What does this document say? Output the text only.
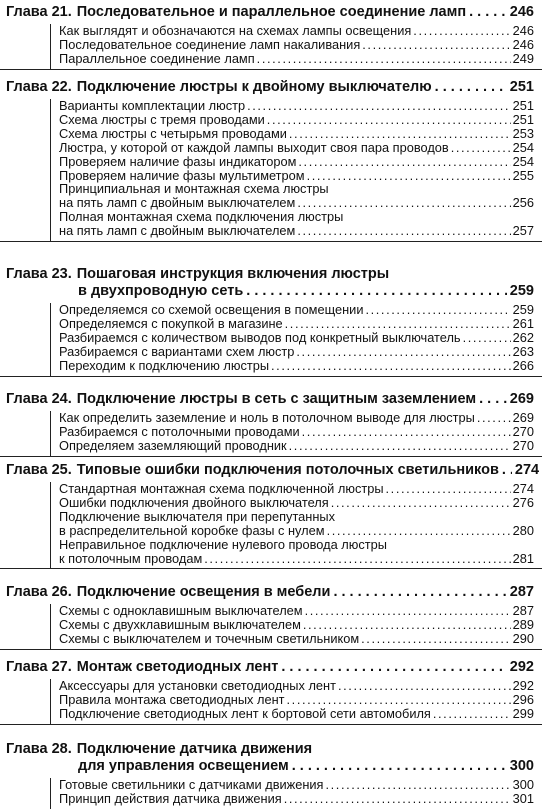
Глава 21. Последовательное и параллельное соединение ламп . . .	246
Как выглядят и обозначаются на схемах лампы освещения .....	246
Последовательное соединение ламп накаливания .....	246
Параллельное соединение ламп .....	249
Глава 22. Подключение люстры к двойному выключателю . . .	251
Варианты комплектации люстр .....	251
Схема люстры с тремя проводами .....	251
Схема люстры с четырьмя проводами .....	253
Люстра, у которой от каждой лампы выходит своя пара проводов .....	254
Проверяем наличие фазы индикатором .....	254
Проверяем наличие фазы мультиметром .....	255
Принципиальная и монтажная схема люстры
на пять ламп с двойным выключателем .....	256
Полная монтажная схема подключения люстры
на пять ламп с двойным выключателем .....	257
Глава 23. Пошаговая инструкция включения люстры
в двухпроводную сеть . . .	259
Определяемся со схемой освещения в помещении .....	259
Определяемся с покупкой в магазине .....	261
Разбираемся с количеством выводов под конкретный выключатель .....	262
Разбираемся с вариантами схем люстр .....	263
Переходим к подключению люстры .....	266
Глава 24. Подключение люстры в сеть с защитным заземлением . . . 269
Как определить заземление и ноль в потолочном выводе для люстры .....	269
Разбираемся с потолочными проводами .....	270
Определяем заземляющий проводник .....	270
Глава 25. Типовые ошибки подключения потолочных светильников . . . 274
Стандартная монтажная схема подключенной люстры .....	274
Ошибки подключения двойного выключателя .....	276
Подключение выключателя при перепутанных
в распределительной коробке фазы с нулем .....	280
Неправильное подключение нулевого провода люстры
к потолочным проводам .....	281
Глава 26. Подключение освещения в мебели . . .	287
Схемы с одноклавишным выключателем .....	287
Схемы с двухклавишным выключателем .....	289
Схемы с выключателем и точечным светильником .....	290
Глава 27. Монтаж светодиодных лент . . .	292
Аксессуары для установки светодиодных лент .....	292
Правила монтажа светодиодных лент .....	296
Подключение светодиодных лент к бортовой сети автомобиля .....	299
Глава 28. Подключение датчика движения
для управления освещением . . .	300
Готовые светильники с датчиками движения .....	300
Принцип действия датчика движения .....	301
